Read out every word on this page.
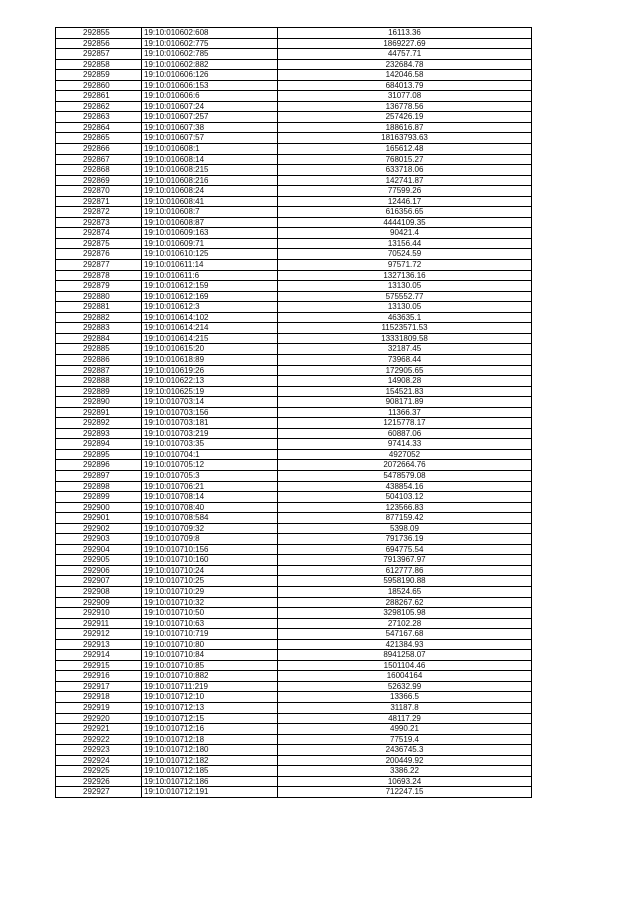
292855	19:10:010602:608	16113.36
292856	19:10:010602:775	1869227.69
292857	19:10:010602:785	44757.71
292858	19:10:010602:882	232684.78
292859	19:10:010606:126	142046.58
292860	19:10:010606:153	684013.79
292861	19:10:010606:6	31077.08
292862	19:10:010607:24	136778.56
292863	19:10:010607:257	257426.19
292864	19:10:010607:38	188616.87
292865	19:10:010607:57	18163793.63
292866	19:10:010608:1	165612.48
292867	19:10:010608:14	768015.27
292868	19:10:010608:215	633718.06
292869	19:10:010608:216	142741.87
292870	19:10:010608:24	77599.26
292871	19:10:010608:41	12446.17
292872	19:10:010608:7	616356.65
292873	19:10:010608:87	4444109.35
292874	19:10:010609:163	90421.4
292875	19:10:010609:71	13156.44
292876	19:10:010610:125	70524.59
292877	19:10:010611:14	97571.72
292878	19:10:010611:6	1327136.16
292879	19:10:010612:159	13130.05
292880	19:10:010612:169	575552.77
292881	19:10:010612:3	13130.05
292882	19:10:010614:102	463635.1
292883	19:10:010614:214	11523571.53
292884	19:10:010614:215	13331809.58
292885	19:10:010615:20	32187.45
292886	19:10:010618:89	73968.44
292887	19:10:010619:26	172905.65
292888	19:10:010622:13	14908.28
292889	19:10:010625:19	154521.83
292890	19:10:010703:14	908171.89
292891	19:10:010703:156	11366.37
292892	19:10:010703:181	1215778.17
292893	19:10:010703:219	60887.06
292894	19:10:010703:35	97414.33
292895	19:10:010704:1	4927052
292896	19:10:010705:12	2072664.76
292897	19:10:010705:3	5478579.08
292898	19:10:010706:21	438854.16
292899	19:10:010708:14	504103.12
292900	19:10:010708:40	123566.83
292901	19:10:010708:584	877159.42
292902	19:10:010709:32	5398.09
292903	19:10:010709:8	791736.19
292904	19:10:010710:156	694775.54
292905	19:10:010710:160	7913967.97
292906	19:10:010710:24	612777.86
292907	19:10:010710:25	5958190.88
292908	19:10:010710:29	18524.65
292909	19:10:010710:32	288267.62
292910	19:10:010710:50	3298105.98
292911	19:10:010710:63	27102.28
292912	19:10:010710:719	547167.68
292913	19:10:010710:80	421384.93
292914	19:10:010710:84	8941258.07
292915	19:10:010710:85	1501104.46
292916	19:10:010710:882	16004164
292917	19:10:010711:219	52632.99
292918	19:10:010712:10	13366.5
292919	19:10:010712:13	31187.8
292920	19:10:010712:15	48117.29
292921	19:10:010712:16	4990.21
292922	19:10:010712:18	77519.4
292923	19:10:010712:180	2436745.3
292924	19:10:010712:182	200449.92
292925	19:10:010712:185	3386.22
292926	19:10:010712:186	10693.24
292927	19:10:010712:191	712247.15
